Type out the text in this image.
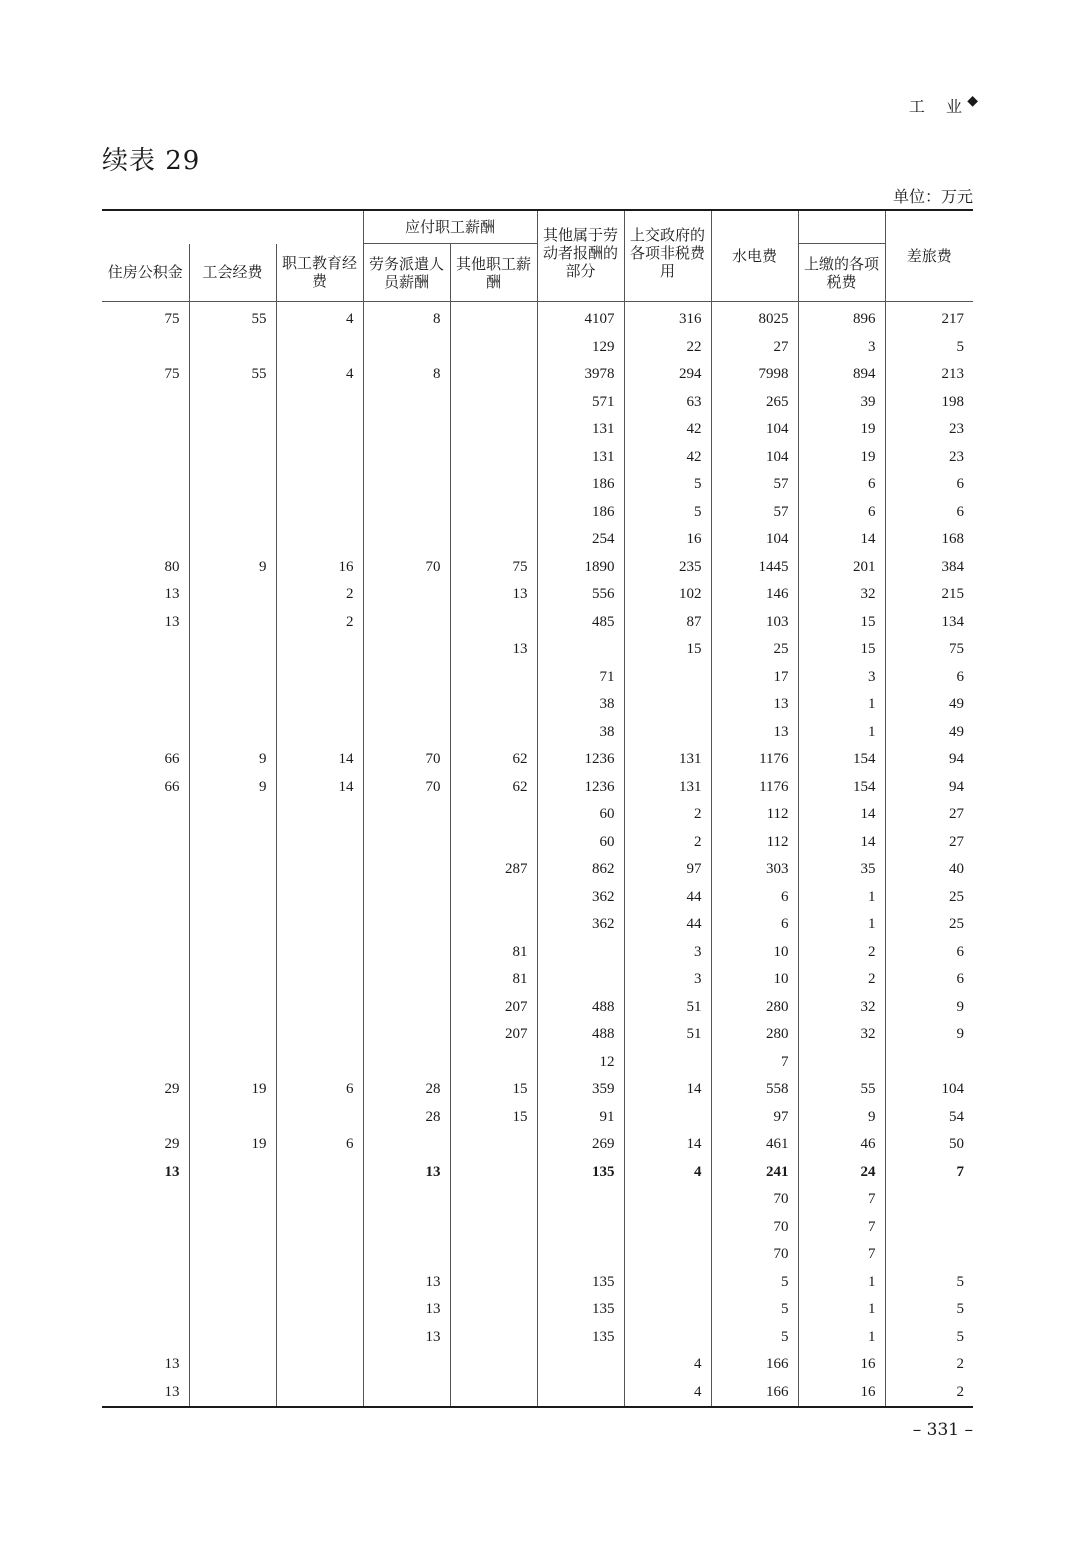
工 业
◆
续表 29
单位：万元
			应付职工薪酬		其他属于劳动者报酬的部分	上交政府的各项非税费用	水电费		差旅费
住房公积金	工会经费	职工教育经费	劳务派遣人员薪酬	其他职工薪酬				上缴的各项税费	
75	55	4	8		4107	316	8025	896	217
					129	22	27	3	5
75	55	4	8		3978	294	7998	894	213
					571	63	265	39	198
					131	42	104	19	23
					131	42	104	19	23
					186	5	57	6	6
					186	5	57	6	6
					254	16	104	14	168
80	9	16	70	75	1890	235	1445	201	384
13		2		13	556	102	146	32	215
13		2			485	87	103	15	134
				13		15	25	15	75
					71		17	3	6
					38		13	1	49
					38		13	1	49
66	9	14	70	62	1236	131	1176	154	94
66	9	14	70	62	1236	131	1176	154	94
					60	2	112	14	27
					60	2	112	14	27
				287	862	97	303	35	40
					362	44	6	1	25
					362	44	6	1	25
				81		3	10	2	6
				81		3	10	2	6
				207	488	51	280	32	9
				207	488	51	280	32	9
					12		7		
29	19	6	28	15	359	14	558	55	104
			28	15	91		97	9	54
29	19	6			269	14	461	46	50
13			13		135	4	241	24	7
							70	7	
							70	7	
							70	7	
			13		135		5	1	5
			13		135		5	1	5
			13		135		5	1	5
13						4	166	16	2
13						4	166	16	2
– 331 –
